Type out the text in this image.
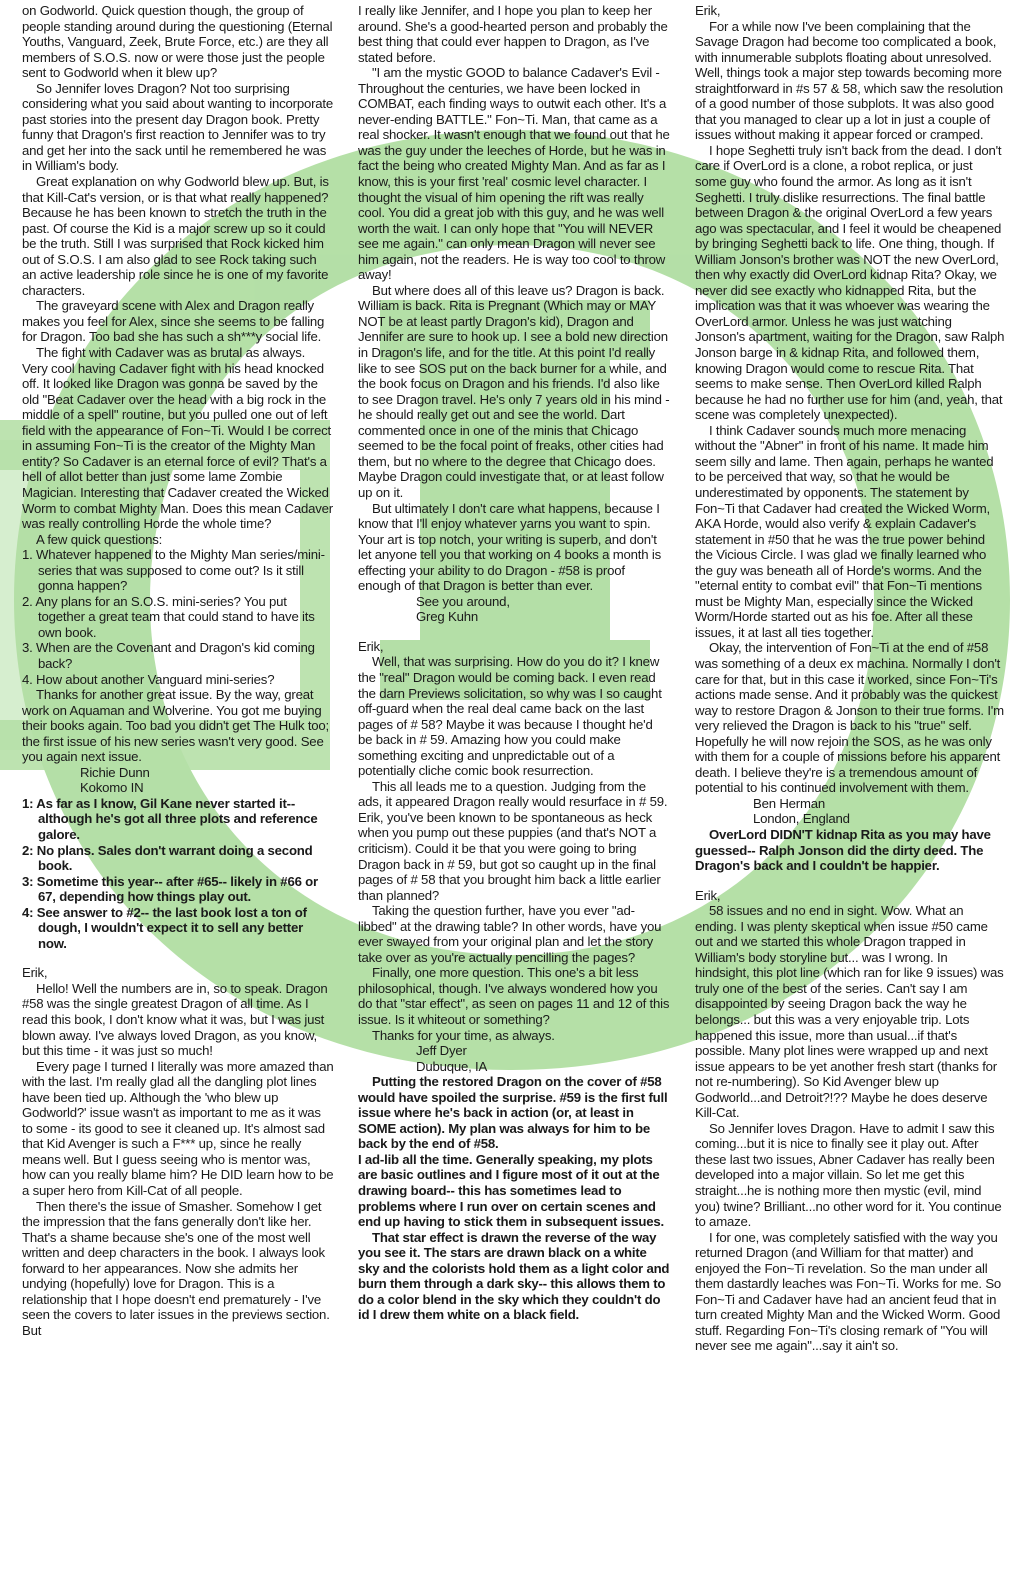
on Godworld. Quick question though, the group of people standing around during the questioning (Eternal Youths, Vanguard, Zeek, Brute Force, etc.) are they all members of S.O.S. now or were those just the people sent to Godworld when it blew up?

So Jennifer loves Dragon? Not too surprising considering what you said about wanting to incorporate past stories into the present day Dragon book. Pretty funny that Dragon's first reaction to Jennifer was to try and get her into the sack until he remembered he was in William's body.

Great explanation on why Godworld blew up. But, is that Kill-Cat's version, or is that what really happened? Because he has been known to stretch the truth in the past. Of course the Kid is a major screw up so it could be the truth. Still I was surprised that Rock kicked him out of S.O.S. I am also glad to see Rock taking such an active leadership role since he is one of my favorite characters.

The graveyard scene with Alex and Dragon really makes you feel for Alex, since she seems to be falling for Dragon. Too bad she has such a sh***y social life.

The fight with Cadaver was as brutal as always. Very cool having Cadaver fight with his head knocked off. It looked like Dragon was gonna be saved by the old "Beat Cadaver over the head with a big rock in the middle of a spell" routine, but you pulled one out of left field with the appearance of Fon~Ti. Would I be correct in assuming Fon~Ti is the creator of the Mighty Man entity? So Cadaver is an eternal force of evil? That's a hell of allot better than just some lame Zombie Magician. Interesting that Cadaver created the Wicked Worm to combat Mighty Man. Does this mean Cadaver was really controlling Horde the whole time?

A few quick questions:

1. Whatever happened to the Mighty Man series/mini-series that was supposed to come out? Is it still gonna happen?

2. Any plans for an S.O.S. mini-series? You put together a great team that could stand to have its own book.

3. When are the Covenant and Dragon's kid coming back?

4. How about another Vanguard mini-series?

Thanks for another great issue. By the way, great work on Aquaman and Wolverine. You got me buying their books again. Too bad you didn't get The Hulk too; the first issue of his new series wasn't very good. See you again next issue.

Richie Dunn

Kokomo IN

1: As far as I know, Gil Kane never started it-- although he's got all three plots and reference galore.

2: No plans. Sales don't warrant doing a second book.

3: Sometime this year-- after #65-- likely in #66 or 67, depending how things play out.

4: See answer to #2-- the last book lost a ton of dough, I wouldn't expect it to sell any better now.

Erik,

Hello! Well the numbers are in, so to speak. Dragon #58 was the single greatest Dragon of all time. As I read this book, I don't know what it was, but I was just blown away. I've always loved Dragon, as you know, but this time - it was just so much!

Every page I turned I literally was more amazed than with the last. I'm really glad all the dangling plot lines have been tied up. Although the 'who blew up Godworld?' issue wasn't as important to me as it was to some - its good to see it cleaned up. It's almost sad that Kid Avenger is such a F*** up, since he really means well. But I guess seeing who is mentor was, how can you really blame him? He DID learn how to be a super hero from Kill-Cat of all people.

Then there's the issue of Smasher. Somehow I get the impression that the fans generally don't like her. That's a shame because she's one of the most well written and deep characters in the book. I always look forward to her appearances. Now she admits her undying (hopefully) love for Dragon. This is a relationship that I hope doesn't end prematurely - I've seen the covers to later issues in the previews section. But

I really like Jennifer, and I hope you plan to keep her around. She's a good-hearted person and probably the best thing that could ever happen to Dragon, as I've stated before.

"I am the mystic GOOD to balance Cadaver's Evil - Throughout the centuries, we have been locked in COMBAT, each finding ways to outwit each other. It's a never-ending BATTLE." Fon~Ti. Man, that came as a real shocker. It wasn't enough that we found out that he was the guy under the leeches of Horde, but he was in fact the being who created Mighty Man. And as far as I know, this is your first 'real' cosmic level character. I thought the visual of him opening the rift was really cool. You did a great job with this guy, and he was well worth the wait. I can only hope that "You will NEVER see me again." can only mean Dragon will never see him again, not the readers. He is way too cool to throw away!

But where does all of this leave us? Dragon is back. William is back. Rita is Pregnant (Which may or MAY NOT be at least partly Dragon's kid), Dragon and Jennifer are sure to hook up. I see a bold new direction in Dragon's life, and for the title. At this point I'd really like to see SOS put on the back burner for a while, and the book focus on Dragon and his friends. I'd also like to see Dragon travel. He's only 7 years old in his mind - he should really get out and see the world. Dart commented once in one of the minis that Chicago seemed to be the focal point of freaks, other cities had them, but no where to the degree that Chicago does. Maybe Dragon could investigate that, or at least follow up on it.

But ultimately I don't care what happens, because I know that I'll enjoy whatever yarns you want to spin. Your art is top notch, your writing is superb, and don't let anyone tell you that working on 4 books a month is effecting your ability to do Dragon - #58 is proof enough of that Dragon is better than ever.

See you around,

Greg Kuhn

Erik,

Well, that was surprising. How do you do it? I knew the "real" Dragon would be coming back. I even read the darn Previews solicitation, so why was I so caught off-guard when the real deal came back on the last pages of # 58? Maybe it was because I thought he'd be back in # 59. Amazing how you could make something exciting and unpredictable out of a potentially cliche comic book resurrection.

This all leads me to a question. Judging from the ads, it appeared Dragon really would resurface in # 59. Erik, you've been known to be spontaneous as heck when you pump out these puppies (and that's NOT a criticism). Could it be that you were going to bring Dragon back in # 59, but got so caught up in the final pages of # 58 that you brought him back a little earlier than planned?

Taking the question further, have you ever "ad-libbed" at the drawing table? In other words, have you ever swayed from your original plan and let the story take over as you're actually pencilling the pages?

Finally, one more question. This one's a bit less philosophical, though. I've always wondered how you do that "star effect", as seen on pages 11 and 12 of this issue. Is it whiteout or something?

Thanks for your time, as always.

Jeff Dyer

Dubuque, IA

Putting the restored Dragon on the cover of #58 would have spoiled the surprise. #59 is the first full issue where he's back in action (or, at least in SOME action). My plan was always for him to be back by the end of #58.

I ad-lib all the time. Generally speaking, my plots are basic outlines and I figure most of it out at the drawing board-- this has sometimes lead to problems where I run over on certain scenes and end up having to stick them in subsequent issues.

That star effect is drawn the reverse of the way you see it. The stars are drawn black on a white sky and the colorists hold them as a light color and burn them through a dark sky-- this allows them to do a color blend in the sky which they couldn't do id I drew them white on a black field.

Erik,

For a while now I've been complaining that the Savage Dragon had become too complicated a book, with innumerable subplots floating about unresolved. Well, things took a major step towards becoming more straightforward in #s 57 & 58, which saw the resolution of a good number of those subplots. It was also good that you managed to clear up a lot in just a couple of issues without making it appear forced or cramped.

I hope Seghetti truly isn't back from the dead. I don't care if OverLord is a clone, a robot replica, or just some guy who found the armor. As long as it isn't Seghetti. I truly dislike resurrections. The final battle between Dragon & the original OverLord a few years ago was spectacular, and I feel it would be cheapened by bringing Seghetti back to life. One thing, though. If William Jonson's brother was NOT the new OverLord, then why exactly did OverLord kidnap Rita? Okay, we never did see exactly who kidnapped Rita, but the implication was that it was whoever was wearing the OverLord armor. Unless he was just watching Jonson's apartment, waiting for the Dragon, saw Ralph Jonson barge in & kidnap Rita, and followed them, knowing Dragon would come to rescue Rita. That seems to make sense. Then OverLord killed Ralph because he had no further use for him (and, yeah, that scene was completely unexpected).

I think Cadaver sounds much more menacing without the "Abner" in front of his name. It made him seem silly and lame. Then again, perhaps he wanted to be perceived that way, so that he would be underestimated by opponents. The statement by Fon~Ti that Cadaver had created the Wicked Worm, AKA Horde, would also verify & explain Cadaver's statement in #50 that he was the true power behind the Vicious Circle. I was glad we finally learned who the guy was beneath all of Horde's worms. And the "eternal entity to combat evil" that Fon~Ti mentions must be Mighty Man, especially since the Wicked Worm/Horde started out as his foe. After all these issues, it at last all ties together.

Okay, the intervention of Fon~Ti at the end of #58 was something of a deux ex machina. Normally I don't care for that, but in this case it worked, since Fon~Ti's actions made sense. And it probably was the quickest way to restore Dragon & Jonson to their true forms. I'm very relieved the Dragon is back to his "true" self. Hopefully he will now rejoin the SOS, as he was only with them for a couple of missions before his apparent death. I believe they're is a tremendous amount of potential to his continued involvement with them.

Ben Herman

London, England

OverLord DIDN'T kidnap Rita as you may have guessed-- Ralph Jonson did the dirty deed. The Dragon's back and I couldn't be happier.

Erik,

58 issues and no end in sight. Wow. What an ending. I was plenty skeptical when issue #50 came out and we started this whole Dragon trapped in William's body storyline but... was I wrong. In hindsight, this plot line (which ran for like 9 issues) was truly one of the best of the series. Can't say I am disappointed by seeing Dragon back the way he belongs... but this was a very enjoyable trip. Lots happened this issue, more than usual...if that's possible. Many plot lines were wrapped up and next issue appears to be yet another fresh start (thanks for not re-numbering). So Kid Avenger blew up Godworld...and Detroit?!?? Maybe he does deserve Kill-Cat.

So Jennifer loves Dragon. Have to admit I saw this coming...but it is nice to finally see it play out. After these last two issues, Abner Cadaver has really been developed into a major villain. So let me get this straight...he is nothing more then mystic (evil, mind you) twine? Brilliant...no other word for it. You continue to amaze.

I for one, was completely satisfied with the way you returned Dragon (and William for that matter) and enjoyed the Fon~Ti revelation. So the man under all them dastardly leaches was Fon~Ti. Works for me. So Fon~Ti and Cadaver have had an ancient feud that in turn created Mighty Man and the Wicked Worm. Good stuff. Regarding Fon~Ti's closing remark of "You will never see me again"...say it ain't so.
